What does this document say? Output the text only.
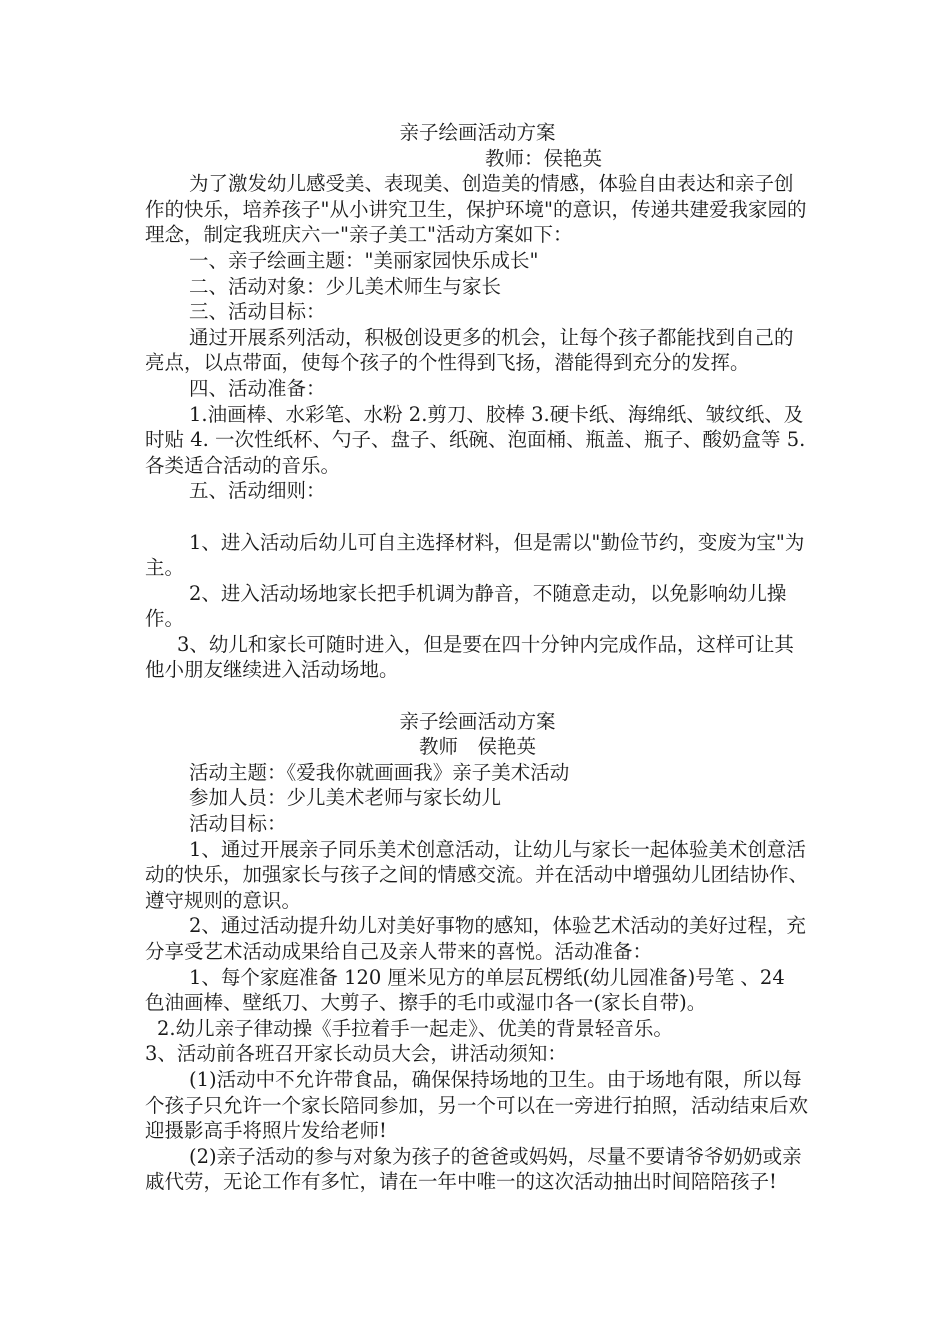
亲子绘画活动方案

教师：侯艳英

为了激发幼儿感受美、表现美、创造美的情感，体验自由表达和亲子创作的快乐，培养孩子"从小讲究卫生，保护环境"的意识，传递共建爱我家园的理念，制定我班庆六一"亲子美工"活动方案如下：

一、亲子绘画主题："美丽家园快乐成长"

二、活动对象：少儿美术师生与家长

三、活动目标：

通过开展系列活动，积极创设更多的机会，让每个孩子都能找到自己的亮点，以点带面，使每个孩子的个性得到飞扬，潜能得到充分的发挥。

四、活动准备：

1.油画棒、水彩笔、水粉 2.剪刀、胶棒 3.硬卡纸、海绵纸、皱纹纸、及时贴 4. 一次性纸杯、勺子、盘子、纸碗、泡面桶、瓶盖、瓶子、酸奶盒等 5.各类适合活动的音乐。

五、活动细则：

1、进入活动后幼儿可自主选择材料，但是需以"勤俭节约，变废为宝"为主。

2、进入活动场地家长把手机调为静音，不随意走动，以免影响幼儿操作。

3、幼儿和家长可随时进入，但是要在四十分钟内完成作品，这样可让其他小朋友继续进入活动场地。

亲子绘画活动方案

教师　侯艳英

活动主题：《爱我你就画画我》亲子美术活动

参加人员：少儿美术老师与家长幼儿

活动目标：

1、通过开展亲子同乐美术创意活动，让幼儿与家长一起体验美术创意活动的快乐，加强家长与孩子之间的情感交流。并在活动中增强幼儿团结协作、遵守规则的意识。

2、通过活动提升幼儿对美好事物的感知，体验艺术活动的美好过程，充分享受艺术活动成果给自己及亲人带来的喜悦。活动准备：

1、每个家庭准备 120 厘米见方的单层瓦楞纸(幼儿园准备)号笔 、24 色油画棒、壁纸刀、大剪子、擦手的毛巾或湿巾各一(家长自带)。

2.幼儿亲子律动操《手拉着手一起走》、优美的背景轻音乐。

3、活动前各班召开家长动员大会，讲活动须知：

(1)活动中不允许带食品，确保保持场地的卫生。由于场地有限，所以每个孩子只允许一个家长陪同参加，另一个可以在一旁进行拍照，活动结束后欢迎摄影高手将照片发给老师!

(2)亲子活动的参与对象为孩子的爸爸或妈妈，尽量不要请爷爷奶奶或亲戚代劳，无论工作有多忙，请在一年中唯一的这次活动抽出时间陪陪孩子!
